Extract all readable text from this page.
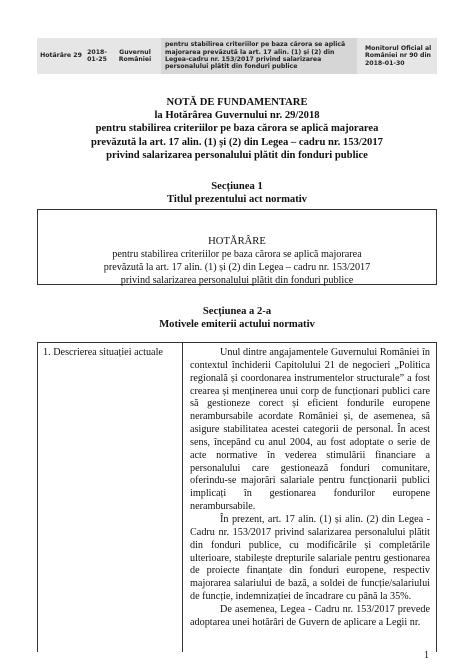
Hotărâre 29
2018-01-25
Guvernul României
pentru stabilirea criteriilor pe baza cărora se aplică majorarea prevăzută la art. 17 alin. (1) și (2) din Legea-cadru nr. 153/2017 privind salarizarea personalului plătit din fonduri publice
Monitorul Oficial al României nr 90 din 2018-01-30
NOTĂ DE FUNDAMENTARE
la Hotărârea Guvernului nr. 29/2018
pentru stabilirea criteriilor pe baza cărora se aplică majorarea
prevăzută la art. 17 alin. (1) și (2) din Legea – cadru nr. 153/2017
privind salarizarea personalului plătit din fonduri publice
Secțiunea 1
Titlul prezentului act normativ
HOTĂRÂRE
pentru stabilirea criteriilor pe baza cărora se aplică majorarea
prevăzută la art. 17 alin. (1) și (2) din Legea – cadru nr. 153/2017
privind salarizarea personalului plătit din fonduri publice
Secțiunea a 2-a
Motivele emiterii actului normativ
1. Descrierea situației actuale	Unul dintre angajamentele Guvernului României în contextul închiderii Capitolului 21 de negocieri „Politica regională și coordonarea instrumentelor structurale” a fost crearea și menținerea unui corp de funcționari publici care să gestioneze corect și eficient fondurile europene nerambursabile acordate României și, de asemenea, să asigure stabilitatea acestei categorii de personal. În acest sens, începând cu anul 2004, au fost adoptate o serie de acte normative în vederea stimulării financiare a personalului care gestionează fonduri comunitare, oferindu-se majorări salariale pentru funcționarii publici implicați în gestionarea fondurilor europene nerambursabile.

În prezent, art. 17 alin. (1) și alin. (2) din Legea - Cadru nr. 153/2017 privind salarizarea personalului plătit din fonduri publice, cu modificările și completările ulterioare, stabilește drepturile salariale pentru gestionarea de proiecte finanțate din fonduri europene, respectiv majorarea salariului de bază, a soldei de funcție/salariului de funcție, indemnizației de încadrare cu până la 35%.

De asemenea, Legea - Cadru nr. 153/2017 prevede adoptarea unei hotărâri de Guvern de aplicare a Legii nr.

1
